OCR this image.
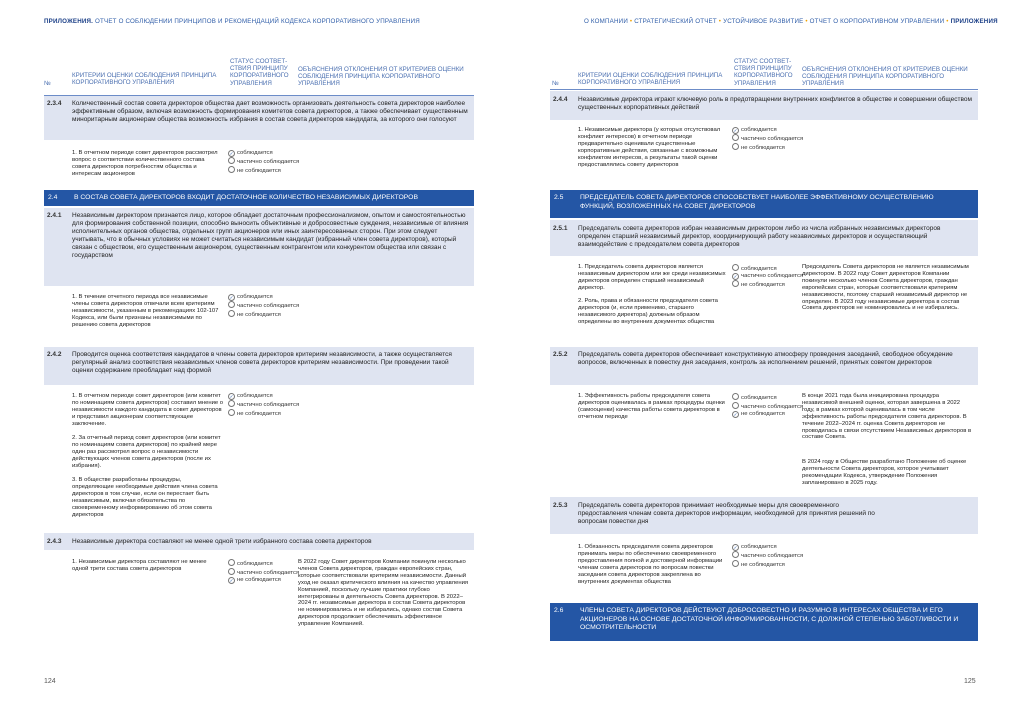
ПРИЛОЖЕНИЯ. ОТЧЕТ О СОБЛЮДЕНИИ ПРИНЦИПОВ И РЕКОМЕНДАЦИЙ КОДЕКСА КОРПОРАТИВНОГО УПРАВЛЕНИЯ
№
КРИТЕРИИ ОЦЕНКИ СОБЛЮДЕНИЯ ПРИНЦИПА КОРПОРАТИВНОГО УПРАВЛЕНИЯ
СТАТУС СООТВЕТ-СТВИЯ ПРИНЦИПУ КОРПОРАТИВНОГО УПРАВЛЕНИЯ
ОБЪЯСНЕНИЯ ОТКЛОНЕНИЯ ОТ КРИТЕРИЕВ ОЦЕНКИ СОБЛЮДЕНИЯ ПРИНЦИПА КОРПОРАТИВНОГО УПРАВЛЕНИЯ
2.3.4 Количественный состав совета директоров общества дает возможность организовать деятельность совета директоров наиболее эффективным образом, включая возможность формирования комитетов совета директоров, а также обеспечивает существенным миноритарным акционерам общества возможность избрания в состав совета директоров кандидата, за которого они голосуют
1. В отчетном периоде совет директоров рассмотрел вопрос о соответствии количественного состава совета директоров потребностям общества и интересам акционеров
✓ соблюдается
частично соблюдается
не соблюдается
2.4 В СОСТАВ СОВЕТА ДИРЕКТОРОВ ВХОДИТ ДОСТАТОЧНОЕ КОЛИЧЕСТВО НЕЗАВИСИМЫХ ДИРЕКТОРОВ
2.4.1 Независимым директором признается лицо, которое обладает достаточным профессионализмом, опытом и самостоятельностью для формирования собственной позиции, способно выносить объективные и добросовестные суждения, независимые от влияния исполнительных органов общества, отдельных групп акционеров или иных заинтересованных сторон. При этом следует учитывать, что в обычных условиях не может считаться независимым кандидат (избранный член совета директоров), который связан с обществом, его существенным акционером, существенным контрагентом или конкурентом общества или связан с государством
1. В течение отчетного периода все независимые члены совета директоров отвечали всем критериям независимости, указанным в рекомендациях 102-107 Кодекса, или были признаны независимыми по решению совета директоров
✓ соблюдается
частично соблюдается
не соблюдается
2.4.2 Проводится оценка соответствия кандидатов в члены совета директоров критериям независимости, а также осуществляется регулярный анализ соответствия независимых членов совета директоров критериям независимости. При проведении такой оценки содержание преобладает над формой
1. В отчетном периоде совет директоров (или комитет по номинациям совета директоров) составил мнение о независимости каждого кандидата в совет директоров и представил акционерам соответствующее заключение.
2. За отчетный период совет директоров (или комитет по номинациям совета директоров) по крайней мере один раз рассмотрел вопрос о независимости действующих членов совета директоров (после их избрания).
3. В обществе разработаны процедуры, определяющие необходимые действия члена совета директоров в том случае, если он перестает быть независимым, включая обязательства по своевременному информированию об этом совета директоров
✓ соблюдается
частично соблюдается
не соблюдается
2.4.3 Независимые директора составляют не менее одной трети избранного состава совета директоров
1. Независимые директора составляют не менее одной трети состава совета директоров
соблюдается
частично соблюдается
✓ не соблюдается
В 2022 году Совет директоров Компании покинули несколько членов Совета директоров, граждан европейских стран, которые соответствовали критериям независимости. Данный уход не оказал критического влияния на качество управления Компанией, поскольку лучшие практики глубоко интегрированы в деятельность Совета директоров. В 2022–2024 гг. независимые директора в состав Совета директоров не номинировались и не избирались, однако состав Совета директоров продолжает обеспечивать эффективное управление Компанией.
124
О КОМПАНИИ • СТРАТЕГИЧЕСКИЙ ОТЧЕТ • УСТОЙЧИВОЕ РАЗВИТИЕ • ОТЧЕТ О КОРПОРАТИВНОМ УПРАВЛЕНИИ • ПРИЛОЖЕНИЯ
№
КРИТЕРИИ ОЦЕНКИ СОБЛЮДЕНИЯ ПРИНЦИПА КОРПОРАТИВНОГО УПРАВЛЕНИЯ
СТАТУС СООТВЕТ-СТВИЯ ПРИНЦИПУ КОРПОРАТИВНОГО УПРАВЛЕНИЯ
ОБЪЯСНЕНИЯ ОТКЛОНЕНИЯ ОТ КРИТЕРИЕВ ОЦЕНКИ СОБЛЮДЕНИЯ ПРИНЦИПА КОРПОРАТИВНОГО УПРАВЛЕНИЯ
2.4.4 Независимые директора играют ключевую роль в предотвращении внутренних конфликтов в обществе и совершении обществом существенных корпоративных действий
1. Независимые директора (у которых отсутствовал конфликт интересов) в отчетном периоде предварительно оценивали существенные корпоративные действия, связанные с возможным конфликтом интересов, а результаты такой оценки предоставлялись совету директоров
✓ соблюдается
частично соблюдается
не соблюдается
2.5 ПРЕДСЕДАТЕЛЬ СОВЕТА ДИРЕКТОРОВ СПОСОБСТВУЕТ НАИБОЛЕЕ ЭФФЕКТИВНОМУ ОСУЩЕСТВЛЕНИЮ ФУНКЦИЙ, ВОЗЛОЖЕННЫХ НА СОВЕТ ДИРЕКТОРОВ
2.5.1 Председатель совета директоров избран независимым директором либо из числа избранных независимых директоров определен старший независимый директор, координирующий работу независимых директоров и осуществляющий взаимодействие с председателем совета директоров
1. Председатель совета директоров является независимым директором или же среди независимых директоров определен старший независимый директор.
2. Роль, права и обязанности председателя совета директоров (и, если применимо, старшего независимого директора) должным образом определены во внутренних документах общества
соблюдается
✓ частично соблюдается
не соблюдается
Председатель Совета директоров не является независимым директором. В 2022 году Совет директоров Компании покинули несколько членов Совета директоров, граждан европейских стран, которые соответствовали критериям независимости, поэтому старший независимый директор не определен. В 2023 году независимые директора в состав Совета директоров не номинировались и не избирались.
2.5.2 Председатель совета директоров обеспечивает конструктивную атмосферу проведения заседаний, свободное обсуждение вопросов, включенных в повестку дня заседания, контроль за исполнением решений, принятых советом директоров
1. Эффективность работы председателя совета директоров оценивалась в рамках процедуры оценки (самооценки) качества работы совета директоров в отчетном периоде
соблюдается
частично соблюдается
✓ не соблюдается
В конце 2021 года была инициирована процедура независимой внешней оценки, которая завершена в 2022 году, в рамках которой оценивалась в том числе эффективность работы председателя совета директоров. В течение 2022–2024 гг. оценка Совета директоров не проводилась в связи отсутствием Независимых директоров в составе Совета.
В 2024 году в Обществе разработано Положение об оценке деятельности Совета директоров, которое учитывает рекомендации Кодекса, утверждение Положения запланировано в 2025 году.
2.5.3 Председатель совета директоров принимает необходимые меры для своевременного предоставления членам совета директоров информации, необходимой для принятия решений по вопросам повестки дня
1. Обязанность председателя совета директоров принимать меры по обеспечению своевременного предоставления полной и достоверной информации членам совета директоров по вопросам повестки заседания совета директоров закреплена во внутренних документах общества
✓ соблюдается
частично соблюдается
не соблюдается
2.6 ЧЛЕНЫ СОВЕТА ДИРЕКТОРОВ ДЕЙСТВУЮТ ДОБРОСОВЕСТНО И РАЗУМНО В ИНТЕРЕСАХ ОБЩЕСТВА И ЕГО АКЦИОНЕРОВ НА ОСНОВЕ ДОСТАТОЧНОЙ ИНФОРМИРОВАННОСТИ, С ДОЛЖНОЙ СТЕПЕНЬЮ ЗАБОТЛИВОСТИ И ОСМОТРИТЕЛЬНОСТИ
125
